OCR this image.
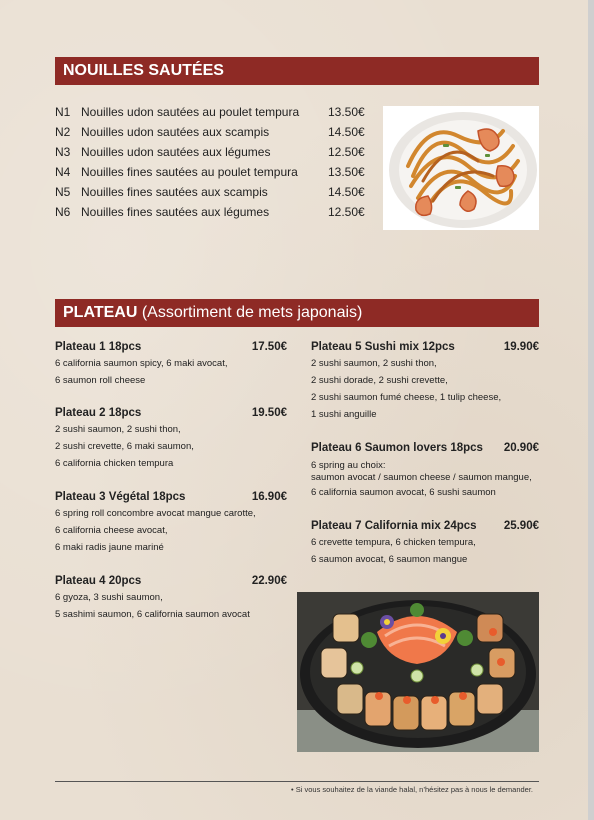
NOUILLES SAUTÉES
N1 Nouilles udon sautées au poulet tempura 13.50€
N2 Nouilles udon sautées aux scampis	14.50€
N3 Nouilles udon sautées aux légumes	12.50€
N4 Nouilles fines sautées au poulet tempura	13.50€
N5 Nouilles fines sautées aux scampis	14.50€
N6 Nouilles fines sautées aux légumes	12.50€
PLATEAU (Assortiment de mets japonais)
Plateau 1 18pcs	17.50€
6 california saumon spicy, 6 maki avocat,
6 saumon roll cheese
Plateau 2 18pcs	19.50€
2 sushi saumon, 2 sushi thon,
2 sushi crevette, 6 maki saumon,
6 california chicken tempura
Plateau 3 Végétal 18pcs	16.90€
6 spring roll concombre avocat mangue carotte,
6 california cheese avocat,
6 maki radis jaune mariné
Plateau 4 20pcs	22.90€
6 gyoza, 3 sushi saumon,
5 sashimi saumon, 6 california saumon avocat
Plateau 5 Sushi mix 12pcs	19.90€
2 sushi saumon, 2 sushi thon,
2 sushi dorade, 2 sushi crevette,
2 sushi saumon fumé cheese, 1 tulip cheese,
1 sushi anguille
Plateau 6 Saumon lovers 18pcs 20.90€
6 spring au choix:
saumon avocat / saumon cheese / saumon mangue,
6 california saumon avocat, 6 sushi saumon
Plateau 7 California mix 24pcs 25.90€
6 crevette tempura, 6 chicken tempura,
6 saumon avocat, 6 saumon mangue
• Si vous souhaitez de la viande halal, n’hésitez pas à nous le demander.
